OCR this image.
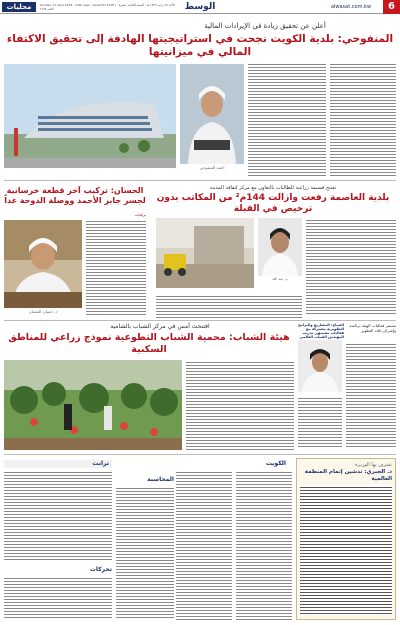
محليات	الوسط
Sunday 11 April 2018 · 11th year · Issue No.2138 | الأحد ٢٥ رجب ١٤٣٩ هـ · السنة الحادية عشرة · العدد ٢١٣٨	alwasat.com.kw	6
أعلن عن تحقيق زيادة في الإيرادات المالية
المنفوحي: بلدية الكويت نجحت في استراتيجيتها الهادفة إلى تحقيق الاكتفاء المالي في ميزانيتها
احمد المنفوحي
تفتتح قسيمة زراعية للطالبات بالتعاون مع مركز لثقافة المدينة
بلدية العاصمة رفعت وأزالت 144م² من المكاتب بدون ترخيص في القبلة
م. عبد الله
الحسان: تركيب آخر قطعة خرسانية لجسر جابر الأحمد ووصلة الدوحة غداً
برقيات
د. حسان الحسان
افتتحت أمس في مركز الشباب بالشامية
هيئة الشباب: محمية الشباب التطوعية نموذج زراعي للمناطق السكنية
تستمر فعاليات الهيئة برئاسة وإشراف قائد التطوير
الصباح: المشاريع والبرامج التطويرية مشتركة مع فعاليات مشتبهي تدريب المهندس الشباب العالمي
الكويت
المحاسبة
ترانت
تحركات
تشرف بها الوزيرة
د. الجبري: تدشين إتمام المنظمة العالمية
